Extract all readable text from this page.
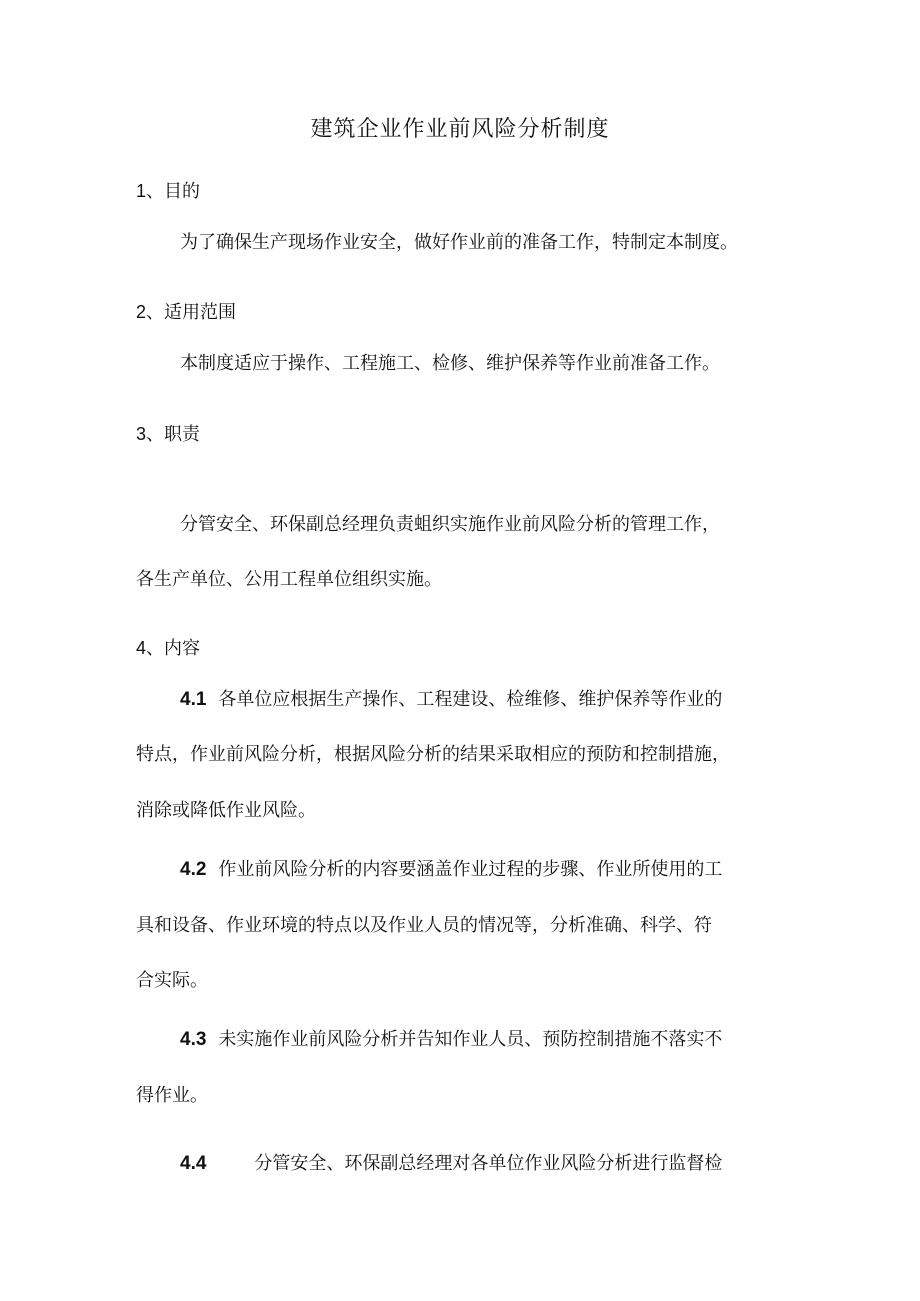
建筑企业作业前风险分析制度
1、目的

为了确保生产现场作业安全，做好作业前的准备工作，特制定本制度。

2、适用范围

本制度适应于操作、工程施工、检修、维护保养等作业前准备工作。

3、职责

分管安全、环保副总经理负责蛆织实施作业前风险分析的管理工作，

各生产单位、公用工程单位组织实施。

4、内容

4.1 各单位应根据生产操作、工程建设、检维修、维护保养等作业的

特点，作业前风险分析，根据风险分析的结果采取相应的预防和控制措施，

消除或降低作业风险。

4.2 作业前风险分析的内容要涵盖作业过程的步骤、作业所使用的工

具和设备、作业环境的特点以及作业人员的情况等，分析准确、科学、符

合实际。

4.3 未实施作业前风险分析并告知作业人员、预防控制措施不落实不

得作业。

4.4	分管安全、环保副总经理对各单位作业风险分析进行监督检
